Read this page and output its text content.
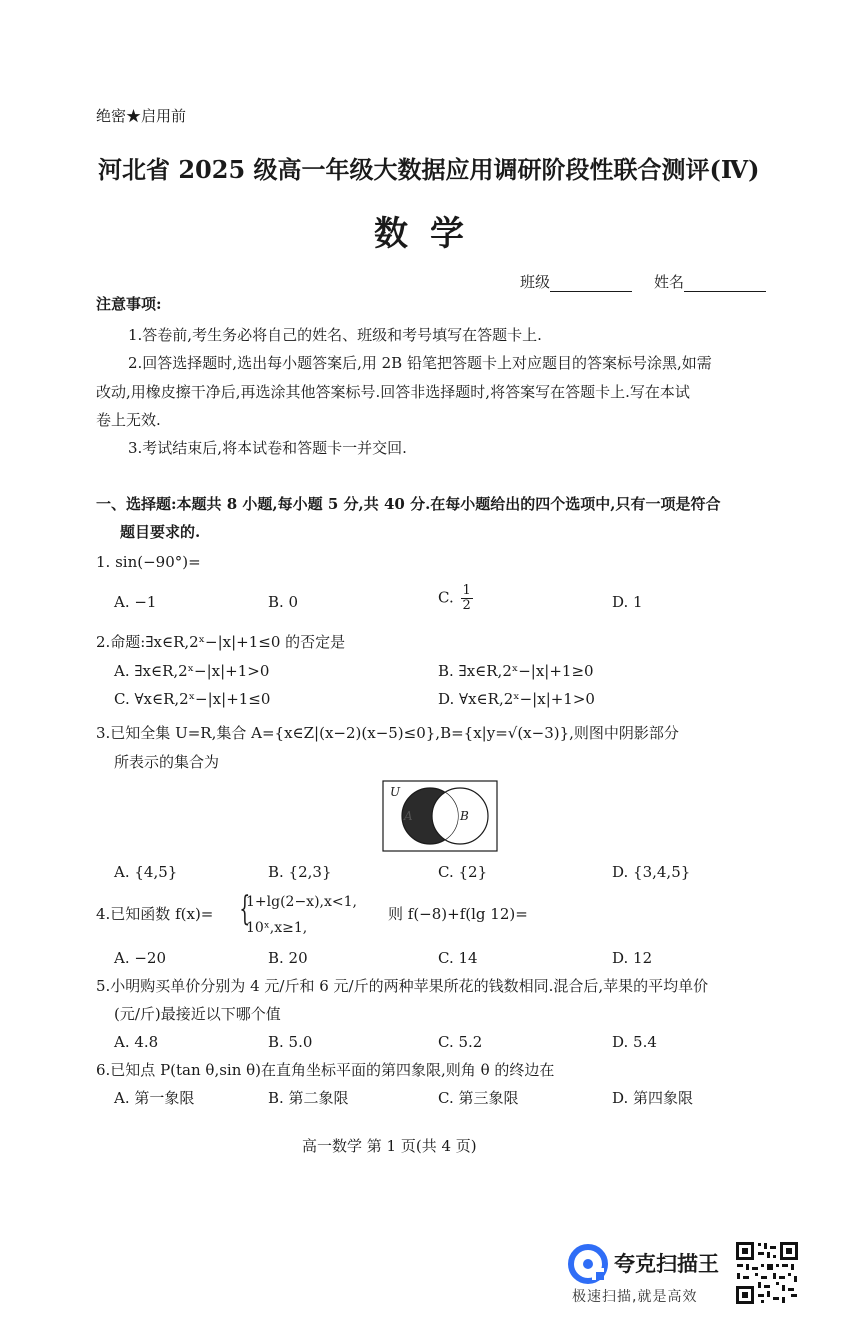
绝密★启用前
河北省 2025 级高一年级大数据应用调研阶段性联合测评(Ⅳ)
数学
班级	姓名
注意事项:
1.答卷前,考生务必将自己的姓名、班级和考号填写在答题卡上.
2.回答选择题时,选出每小题答案后,用 2B 铅笔把答题卡上对应题目的答案标号涂黑,如需
改动,用橡皮擦干净后,再选涂其他答案标号.回答非选择题时,将答案写在答题卡上.写在本试
卷上无效.
3.考试结束后,将本试卷和答题卡一并交回.
一、选择题:本题共 8 小题,每小题 5 分,共 40 分.在每小题给出的四个选项中,只有一项是符合
题目要求的.
1. sin(−90°)=
A. −1	B. 0	C. $\frac{1}{2}$	D. 1
2.命题:∃x∈R,2ˣ−|x|+1≤0 的否定是
A. ∃x∈R,2ˣ−|x|+1>0	B. ∃x∈R,2ˣ−|x|+1≥0
C. ∀x∈R,2ˣ−|x|+1≤0	D. ∀x∈R,2ˣ−|x|+1>0
3.已知全集 U=R,集合 A={x∈Z|(x−2)(x−5)≤0},B={x|y=√(x−3)},则图中阴影部分
所表示的集合为
U
A	B
A. {4,5}	B. {2,3}	C. {2}	D. {3,4,5}
4.已知函数 f(x)= {
1+lg(2−x),x<1,
10ˣ,x≥1,
则 f(−8)+f(lg 12)=
A. −20	B. 20	C. 14	D. 12
5.小明购买单价分别为 4 元/斤和 6 元/斤的两种苹果所花的钱数相同.混合后,苹果的平均单价
(元/斤)最接近以下哪个值
A. 4.8	B. 5.0	C. 5.2	D. 5.4
6.已知点 P(tan θ,sin θ)在直角坐标平面的第四象限,则角 θ 的终边在
A. 第一象限	B. 第二象限	C. 第三象限	D. 第四象限
高一数学 第 1 页(共 4 页)
夸克扫描王
极速扫描,就是高效
